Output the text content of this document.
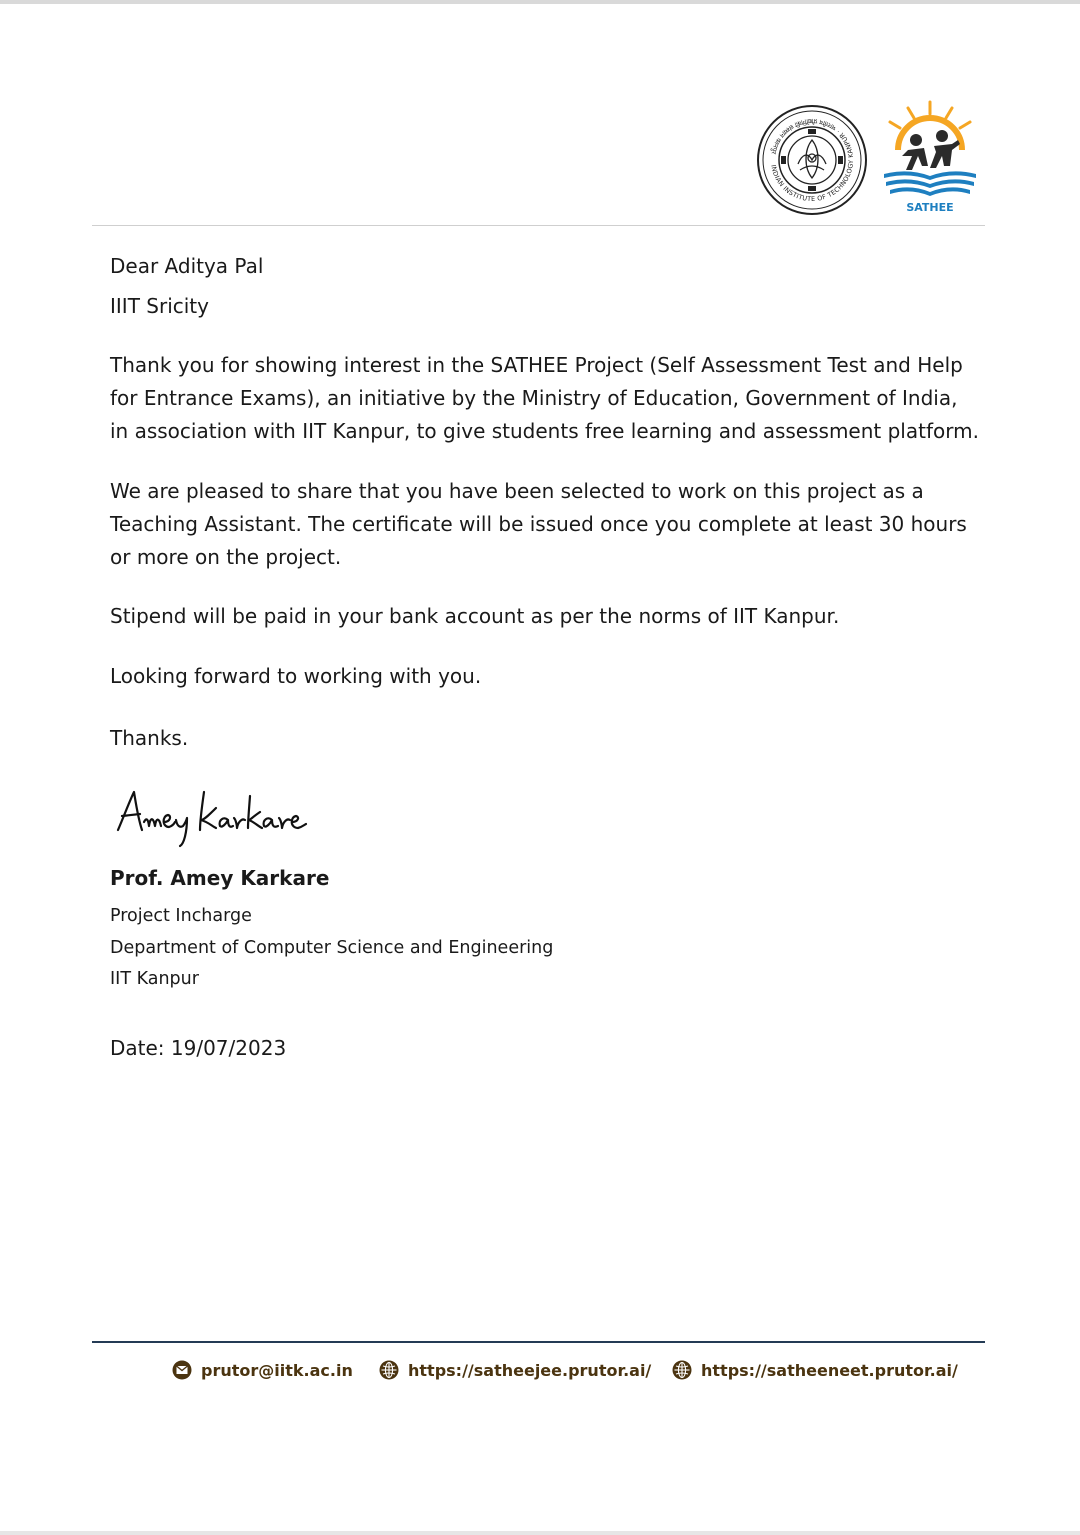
INDIAN INSTITUTE OF TECHNOLOGY KANPUR · भारतीय प्रौद्योगिकी संस्थान कानपुर
SATHEE
Dear Aditya Pal
IIIT Sricity

Thank you for showing interest in the SATHEE Project (Self Assessment Test and Help for Entrance Exams), an initiative by the Ministry of Education, Government of India, in association with IIT Kanpur, to give students free learning and assessment platform.

We are pleased to share that you have been selected to work on this project as a Teaching Assistant. The certificate will be issued once you complete at least 30 hours or more on the project.

Stipend will be paid in your bank account as per the norms of IIT Kanpur.

Looking forward to working with you.

Thanks.

Prof. Amey Karkare
Project Incharge
Department of Computer Science and Engineering
IIT Kanpur
Date: 19/07/2023
prutor@iitk.ac.in	https://satheejee.prutor.ai/	https://satheeneet.prutor.ai/
